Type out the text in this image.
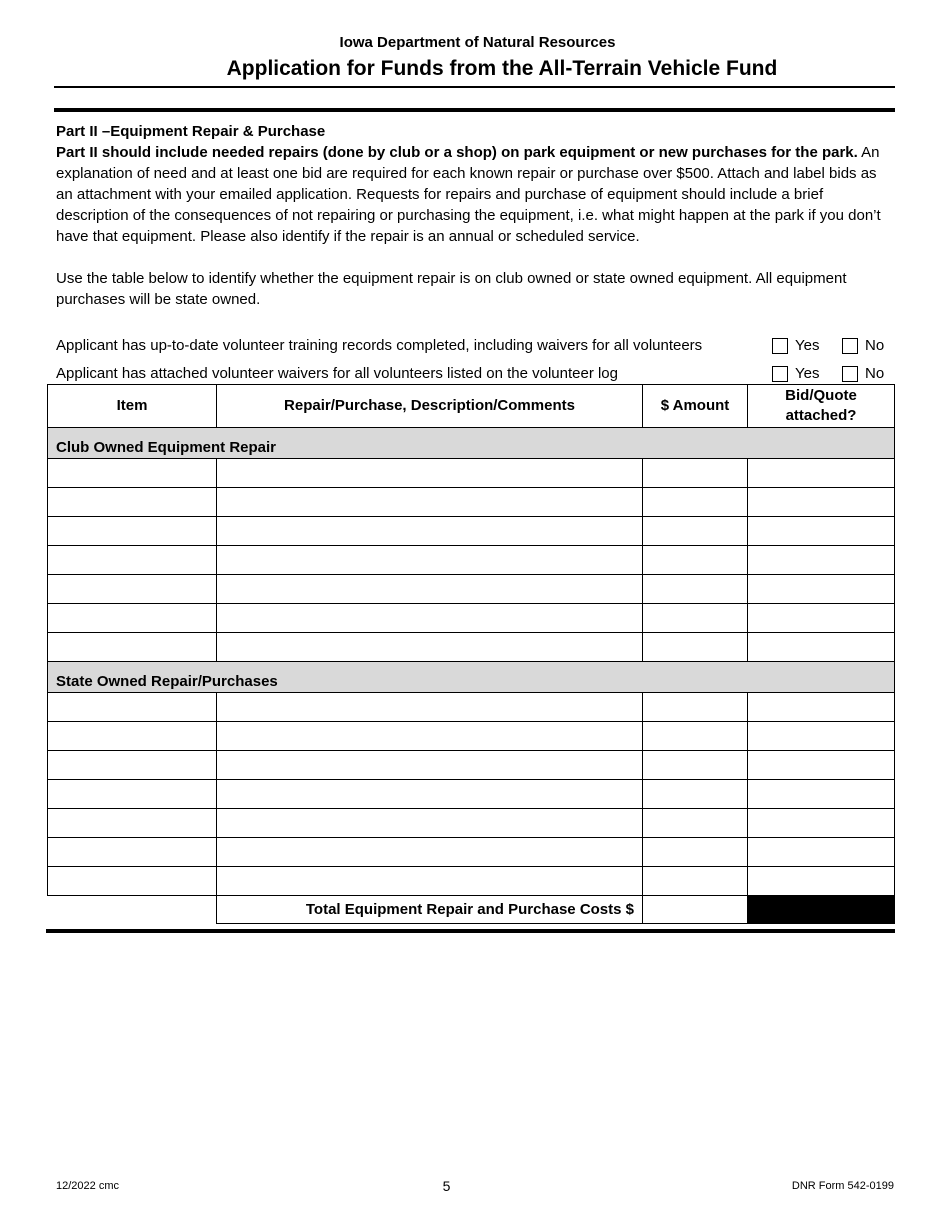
Iowa Department of Natural Resources
Application for Funds from the All-Terrain Vehicle Fund

Part II –Equipment Repair & Purchase

Part II should include needed repairs (done by club or a shop) on park equipment or new purchases for the park. An explanation of need and at least one bid are required for each known repair or purchase over $500. Attach and label bids as an attachment with your emailed application. Requests for repairs and purchase of equipment should include a brief description of the consequences of not repairing or purchasing the equipment, i.e. what might happen at the park if you don’t have that equipment. Please also identify if the repair is an annual or scheduled service.

Use the table below to identify whether the equipment repair is on club owned or state owned equipment. All equipment purchases will be state owned.

Applicant has up-to-date volunteer training records completed, including waivers for all volunteers	Yes	No
Applicant has attached volunteer waivers for all volunteers listed on the volunteer log	Yes	No
Item	Repair/Purchase, Description/Comments	$ Amount	Bid/Quote attached?
Club Owned Equipment Repair			

State Owned Repair/Purchases			

	Total Equipment Repair and Purchase Costs $		
12/2022 cmc	5	DNR Form 542-0199
